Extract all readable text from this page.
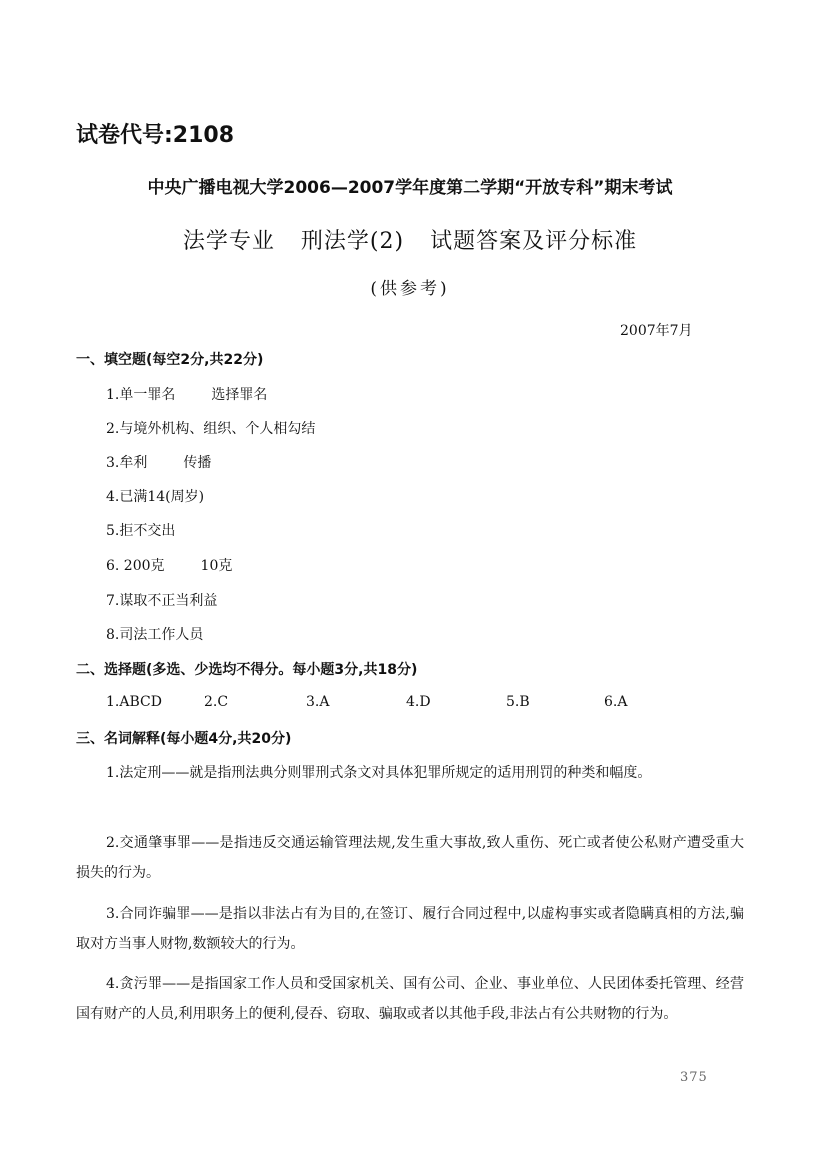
试卷代号:2108
中央广播电视大学2006—2007学年度第二学期“开放专科”期末考试
法学专业 刑法学(2) 试题答案及评分标准
(供参考)
2007年7月
一、填空题(每空2分,共22分)
1.单一罪名	选择罪名
2.与境外机构、组织、个人相勾结
3.牟利	传播
4.已满14(周岁)
5.拒不交出
6. 200克	10克
7.谋取不正当利益
8.司法工作人员
二、选择题(多选、少选均不得分。每小题3分,共18分)
1.ABCD	2.C	3.A	4.D	5.B	6.A
三、名词解释(每小题4分,共20分)
1.法定刑——就是指刑法典分则罪刑式条文对具体犯罪所规定的适用刑罚的种类和幅度。
2.交通肇事罪——是指违反交通运输管理法规,发生重大事故,致人重伤、死亡或者使公私财产遭受重大损失的行为。
3.合同诈骗罪——是指以非法占有为目的,在签订、履行合同过程中,以虚构事实或者隐瞒真相的方法,骗取对方当事人财物,数额较大的行为。
4.贪污罪——是指国家工作人员和受国家机关、国有公司、企业、事业单位、人民团体委托管理、经营国有财产的人员,利用职务上的便利,侵吞、窃取、骗取或者以其他手段,非法占有公共财物的行为。
375
